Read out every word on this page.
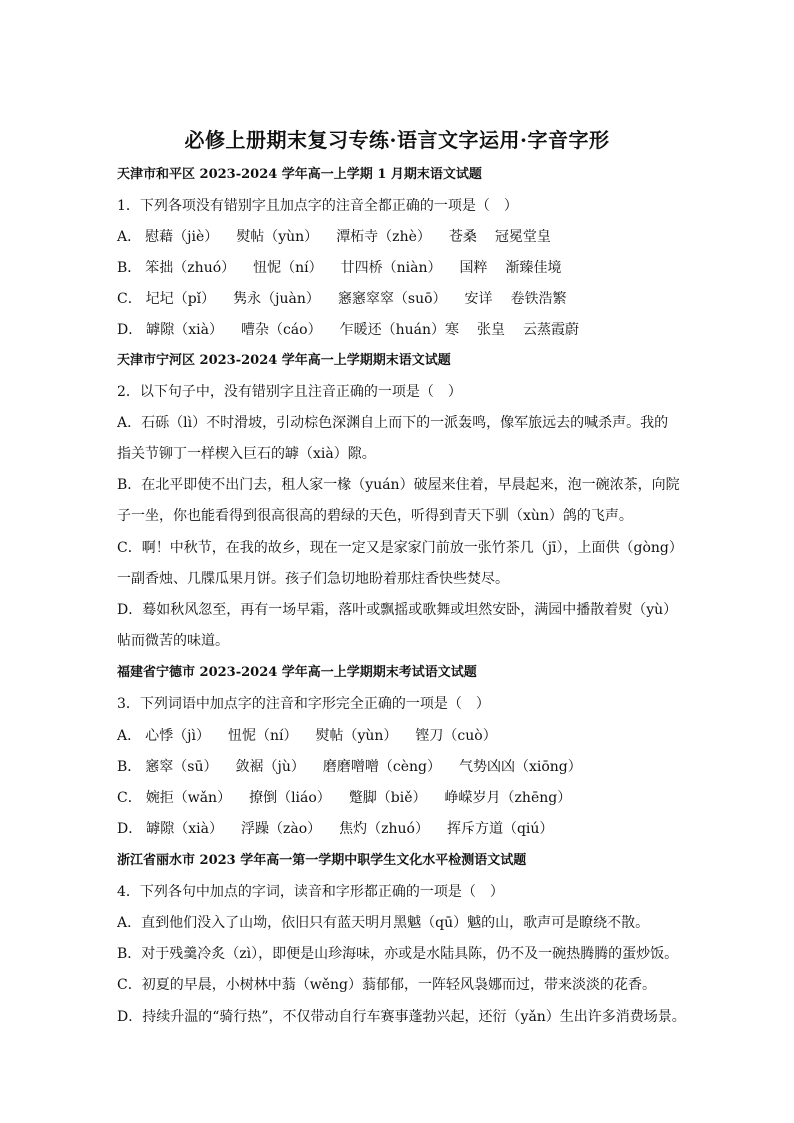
必修上册期末复习专练·语言文字运用·字音字形
天津市和平区 2023-2024 学年高一上学期 1 月期末语文试题
1．下列各项没有错别字且加点字的注音全都正确的一项是（　）
A． 慰藉（jiè） 熨帖（yùn） 潭柘寺（zhè） 苍桑 冠冕堂皇
B． 笨拙（zhuó） 忸怩（ní） 廿四桥（niàn） 国粹 渐臻佳境
C． 圮圮（pǐ） 隽永（juàn） 窸窸窣窣（suō） 安详 卷铁浩繁
D． 罅隙（xià） 嘈杂（cáo） 乍暖还（huán）寒 张皇 云蒸霞蔚
天津市宁河区 2023-2024 学年高一上学期期末语文试题
2．以下句子中，没有错别字且注音正确的一项是（　）
A．石砾（lì）不时滑坡，引动棕色深渊自上而下的一派轰鸣，像军旅远去的喊杀声。我的
指关节铆丁一样楔入巨石的罅（xià）隙。
B．在北平即使不出门去，租人家一椽（yuán）破屋来住着，早晨起来，泡一碗浓茶，向院
子一坐，你也能看得到很高很高的碧绿的天色，听得到青天下驯（xùn）鸽的飞声。
C．啊！中秋节，在我的故乡，现在一定又是家家门前放一张竹茶几（jī），上面供（gòng）
一副香烛、几牒瓜果月饼。孩子们急切地盼着那炷香快些焚尽。
D．蓦如秋风忽至，再有一场早霜，落叶或飘摇或歌舞或坦然安卧，满园中播散着熨（yù）
帖而微苦的味道。
福建省宁德市 2023-2024 学年高一上学期期末考试语文试题
3．下列词语中加点字的注音和字形完全正确的一项是（　）
A． 心悸（jì） 忸怩（ní） 熨帖（yùn） 铿刀（cuò）
B． 窸窣（sū） 敛裾（jù） 磨磨噌噌（cèng） 气势凶凶（xiōng）
C． 婉拒（wǎn） 撩倒（liáo） 蹩脚（biě） 峥嵘岁月（zhēng）
D． 罅隙（xià） 浮躁（zào） 焦灼（zhuó） 挥斥方道（qiú）
浙江省丽水市 2023 学年高一第一学期中职学生文化水平检测语文试题
4．下列各句中加点的字词，读音和字形都正确的一项是（　）
A．直到他们没入了山坳，依旧只有蓝天明月黑魆（qū）魆的山，歌声可是瞭绕不散。
B．对于残羹冷炙（zì），即便是山珍海味，亦或是水陆具陈，仍不及一碗热腾腾的蛋炒饭。
C．初夏的早晨，小树林中蓊（wěng）蓊郁郁，一阵轻风袅娜而过，带来淡淡的花香。
D．持续升温的“骑行热”，不仅带动自行车赛事蓬勃兴起，还衍（yǎn）生出许多消费场景。
